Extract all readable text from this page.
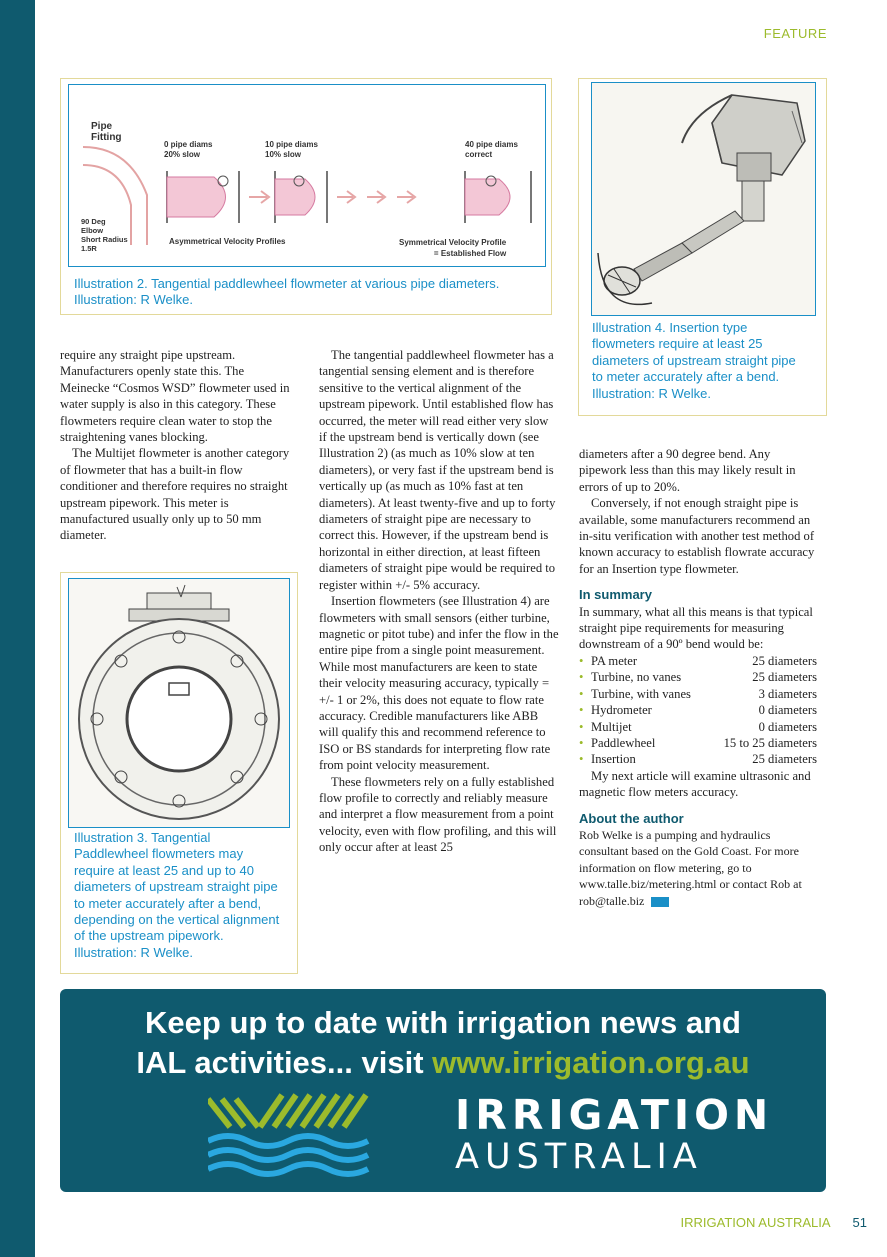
FEATURE
Pipe
Fitting
0 pipe diams
20% slow
10 pipe diams
10% slow
40 pipe diams
correct
90 Deg
Elbow
Short Radius
1.5R
Asymmetrical Velocity Profiles	Symmetrical Velocity Profile
= Established Flow
Illustration 2. Tangential paddlewheel flowmeter at various pipe diameters. Illustration: R Welke.
Illustration 4. Insertion type flowmeters require at least 25 diameters of upstream straight pipe to meter accurately after a bend. Illustration: R Welke.

require any straight pipe upstream. Manufacturers openly state this. The Meinecke “Cosmos WSD” flowmeter used in water supply is also in this category. These flowmeters require clean water to stop the straightening vanes blocking.

The Multijet flowmeter is another category of flowmeter that has a built-in flow conditioner and therefore requires no straight upstream pipework. This meter is manufactured usually only up to 50 mm diameter.

Illustration 3. Tangential Paddlewheel flowmeters may require at least 25 and up to 40 diameters of upstream straight pipe to meter accurately after a bend, depending on the vertical alignment of the upstream pipework. Illustration: R Welke.

The tangential paddlewheel flowmeter has a tangential sensing element and is therefore sensitive to the vertical alignment of the upstream pipework. Until established flow has occurred, the meter will read either very slow if the upstream bend is vertically down (see Illustration 2) (as much as 10% slow at ten diameters), or very fast if the upstream bend is vertically up (as much as 10% fast at ten diameters). At least twenty-five and up to forty diameters of straight pipe are necessary to correct this. However, if the upstream bend is horizontal in either direction, at least fifteen diameters of straight pipe would be required to register within +/- 5% accuracy.

Insertion flowmeters (see Illustration 4) are flowmeters with small sensors (either turbine, magnetic or pitot tube) and infer the flow in the entire pipe from a single point measurement. While most manufacturers are keen to state their velocity measuring accuracy, typically = +/- 1 or 2%, this does not equate to flow rate accuracy. Credible manufacturers like ABB will qualify this and recommend reference to ISO or BS standards for interpreting flow rate from point velocity measurement.

These flowmeters rely on a fully established flow profile to correctly and reliably measure and interpret a flow measurement from a point velocity, even with flow profiling, and this will only occur after at least 25

diameters after a 90 degree bend. Any pipework less than this may likely result in errors of up to 20%.

Conversely, if not enough straight pipe is available, some manufacturers recommend an in-situ verification with another test method of known accuracy to establish flowrate accuracy for an Insertion type flowmeter.

In summary

In summary, what all this means is that typical straight pipe requirements for measuring downstream of a 90º bend would be:

• PA meter	25 diameters
• Turbine, no vanes	25 diameters
• Turbine, with vanes	3 diameters
• Hydrometer	0 diameters
• Multijet	0 diameters
• Paddlewheel	15 to 25 diameters
• Insertion	25 diameters

My next article will examine ultrasonic and magnetic flow meters accuracy.

About the author

Rob Welke is a pumping and hydraulics consultant based on the Gold Coast. For more information on flow metering, go to www.talle.biz/metering.html or contact Rob at rob@talle.biz

Keep up to date with irrigation news and
IAL activities... visit www.irrigation.org.au
IRRIGATION
AUSTRALIA
IRRIGATION AUSTRALIA 51
